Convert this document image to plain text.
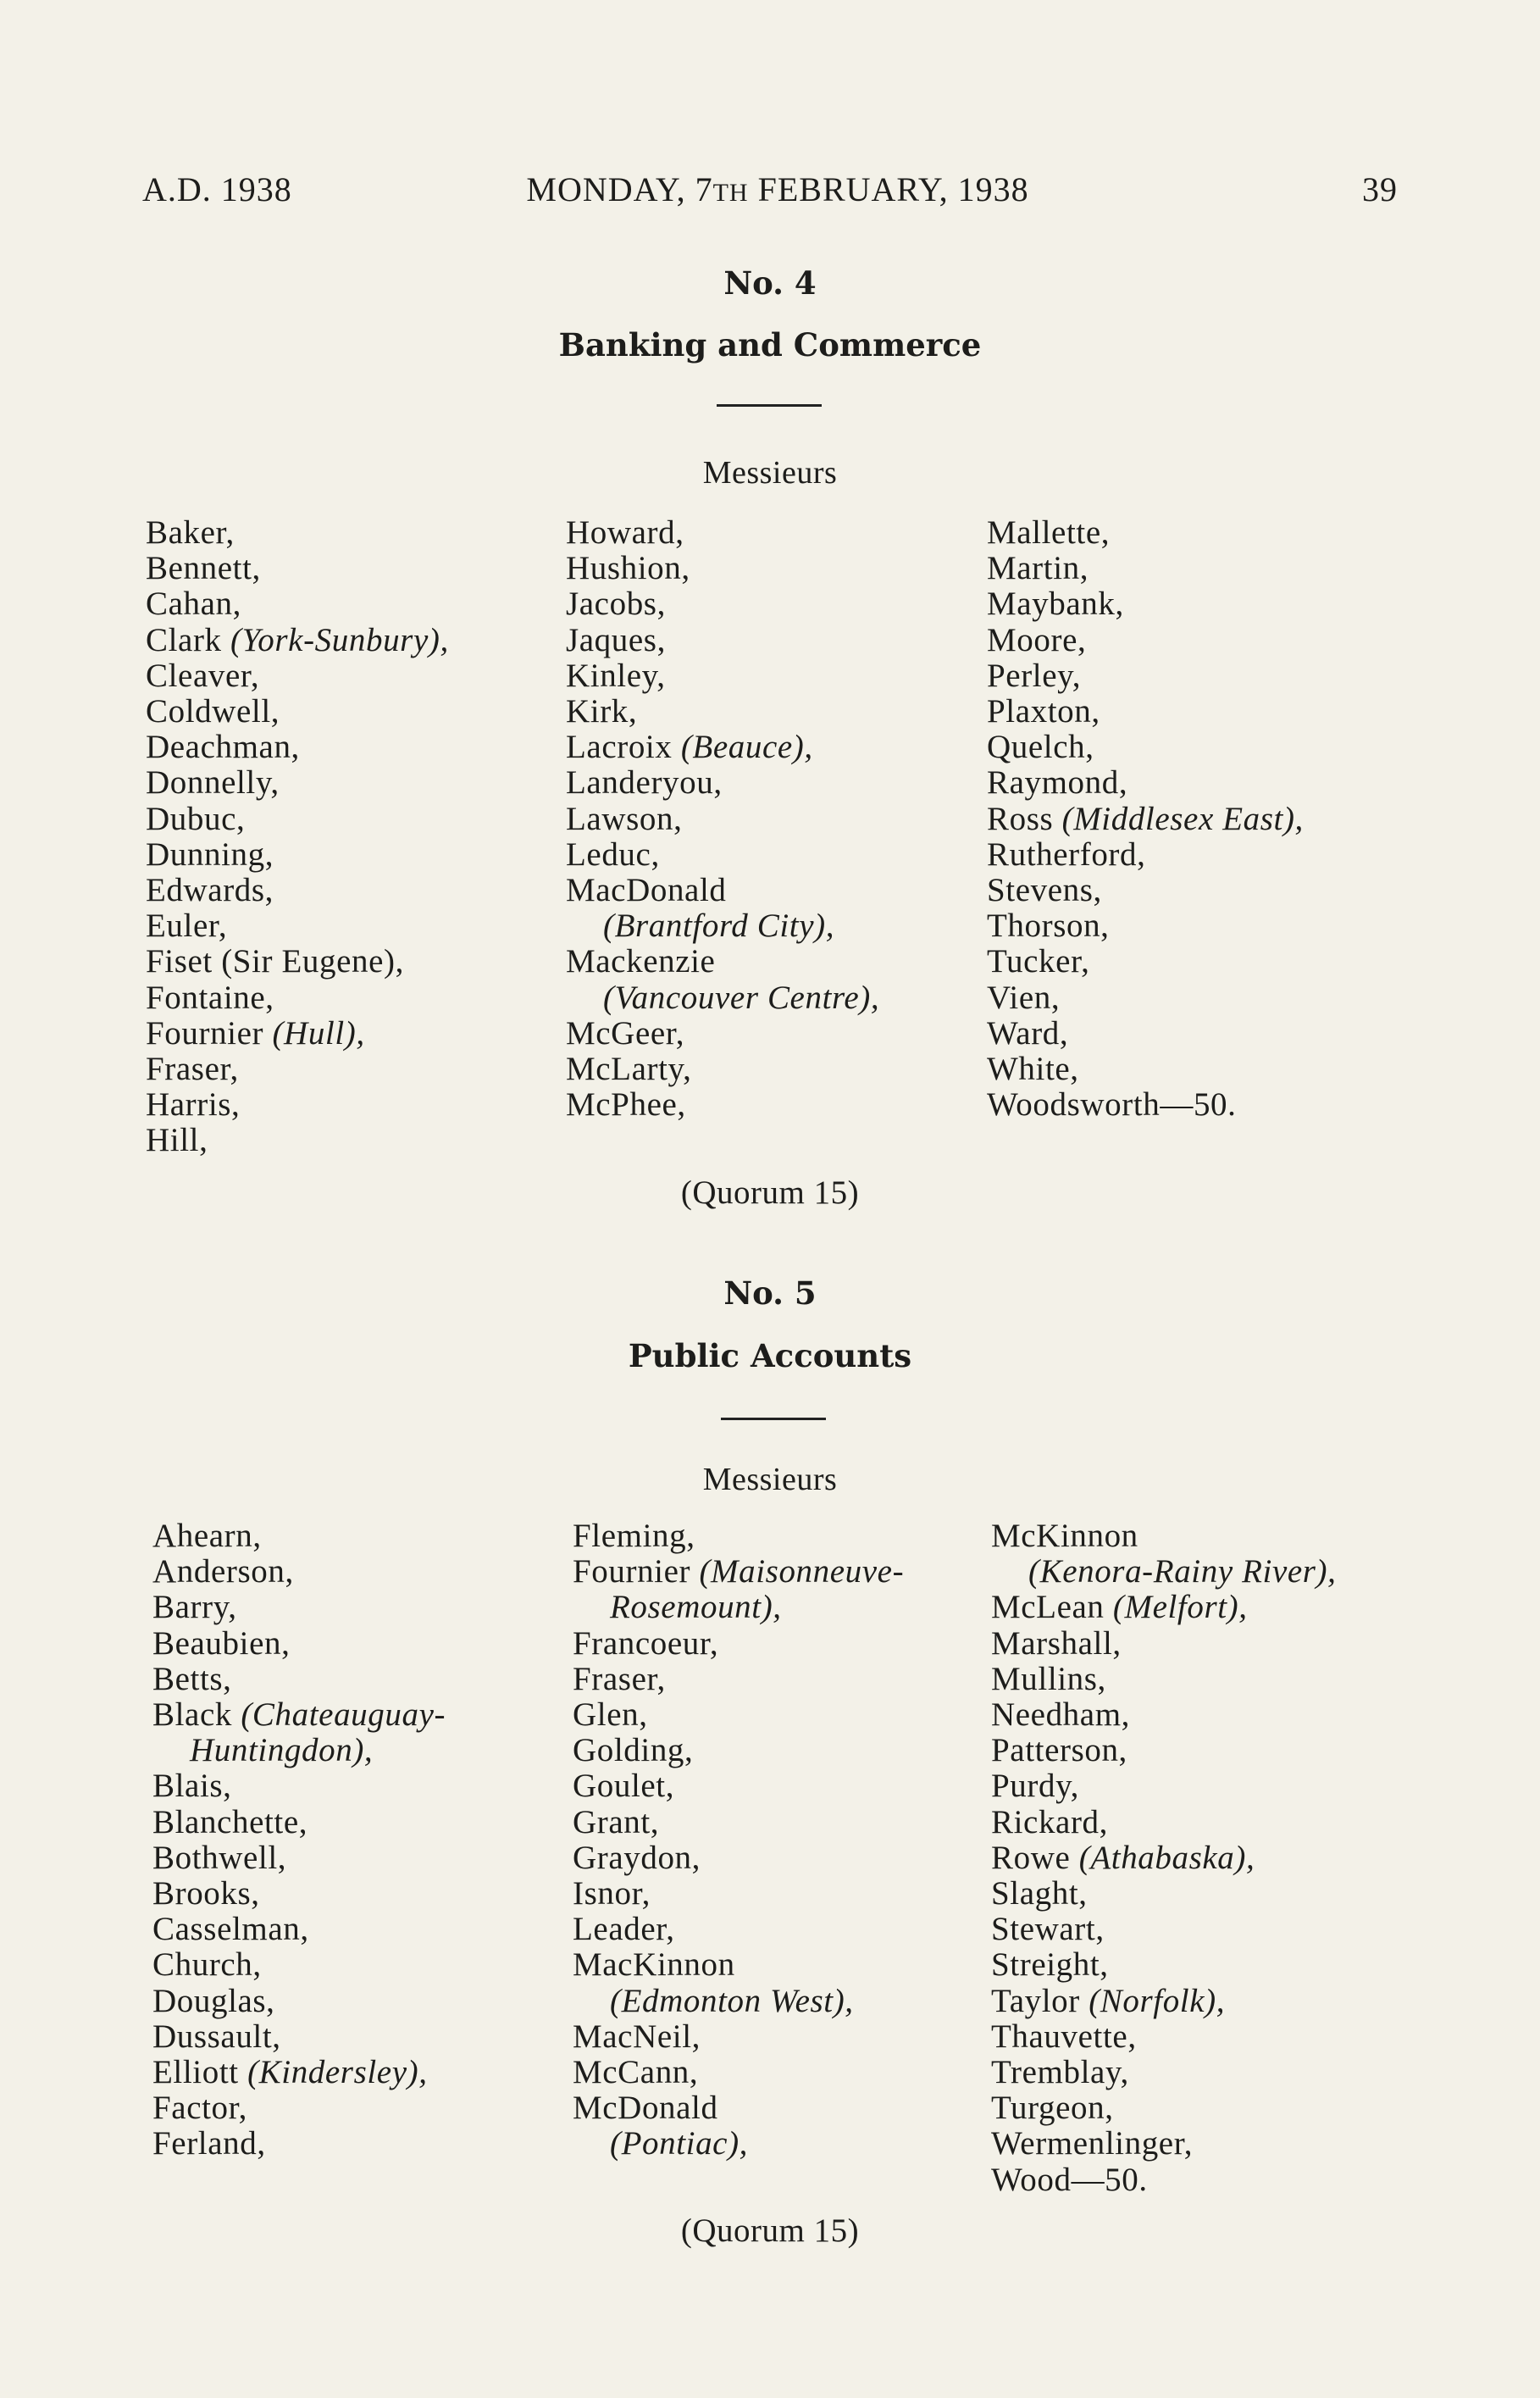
A.D. 1938	MONDAY, 7TH FEBRUARY, 1938	39
No. 4
Banking and Commerce
Messieurs
Baker,
Bennett,
Cahan,
Clark (York-Sunbury),
Cleaver,
Coldwell,
Deachman,
Donnelly,
Dubuc,
Dunning,
Edwards,
Euler,
Fiset (Sir Eugene),
Fontaine,
Fournier (Hull),
Fraser,
Harris,
Hill,
Howard,
Hushion,
Jacobs,
Jaques,
Kinley,
Kirk,
Lacroix (Beauce),
Landeryou,
Lawson,
Leduc,
MacDonald
(Brantford City),
Mackenzie
(Vancouver Centre),
McGeer,
McLarty,
McPhee,
Mallette,
Martin,
Maybank,
Moore,
Perley,
Plaxton,
Quelch,
Raymond,
Ross (Middlesex East),
Rutherford,
Stevens,
Thorson,
Tucker,
Vien,
Ward,
White,
Woodsworth—50.
(Quorum 15)
No. 5
Public Accounts
Messieurs
Ahearn,
Anderson,
Barry,
Beaubien,
Betts,
Black (Chateauguay-
Huntingdon),
Blais,
Blanchette,
Bothwell,
Brooks,
Casselman,
Church,
Douglas,
Dussault,
Elliott (Kindersley),
Factor,
Ferland,
Fleming,
Fournier (Maisonneuve-
Rosemount),
Francoeur,
Fraser,
Glen,
Golding,
Goulet,
Grant,
Graydon,
Isnor,
Leader,
MacKinnon
(Edmonton West),
MacNeil,
McCann,
McDonald
(Pontiac),
McKinnon
(Kenora-Rainy River),
McLean (Melfort),
Marshall,
Mullins,
Needham,
Patterson,
Purdy,
Rickard,
Rowe (Athabaska),
Slaght,
Stewart,
Streight,
Taylor (Norfolk),
Thauvette,
Tremblay,
Turgeon,
Wermenlinger,
Wood—50.
(Quorum 15)
